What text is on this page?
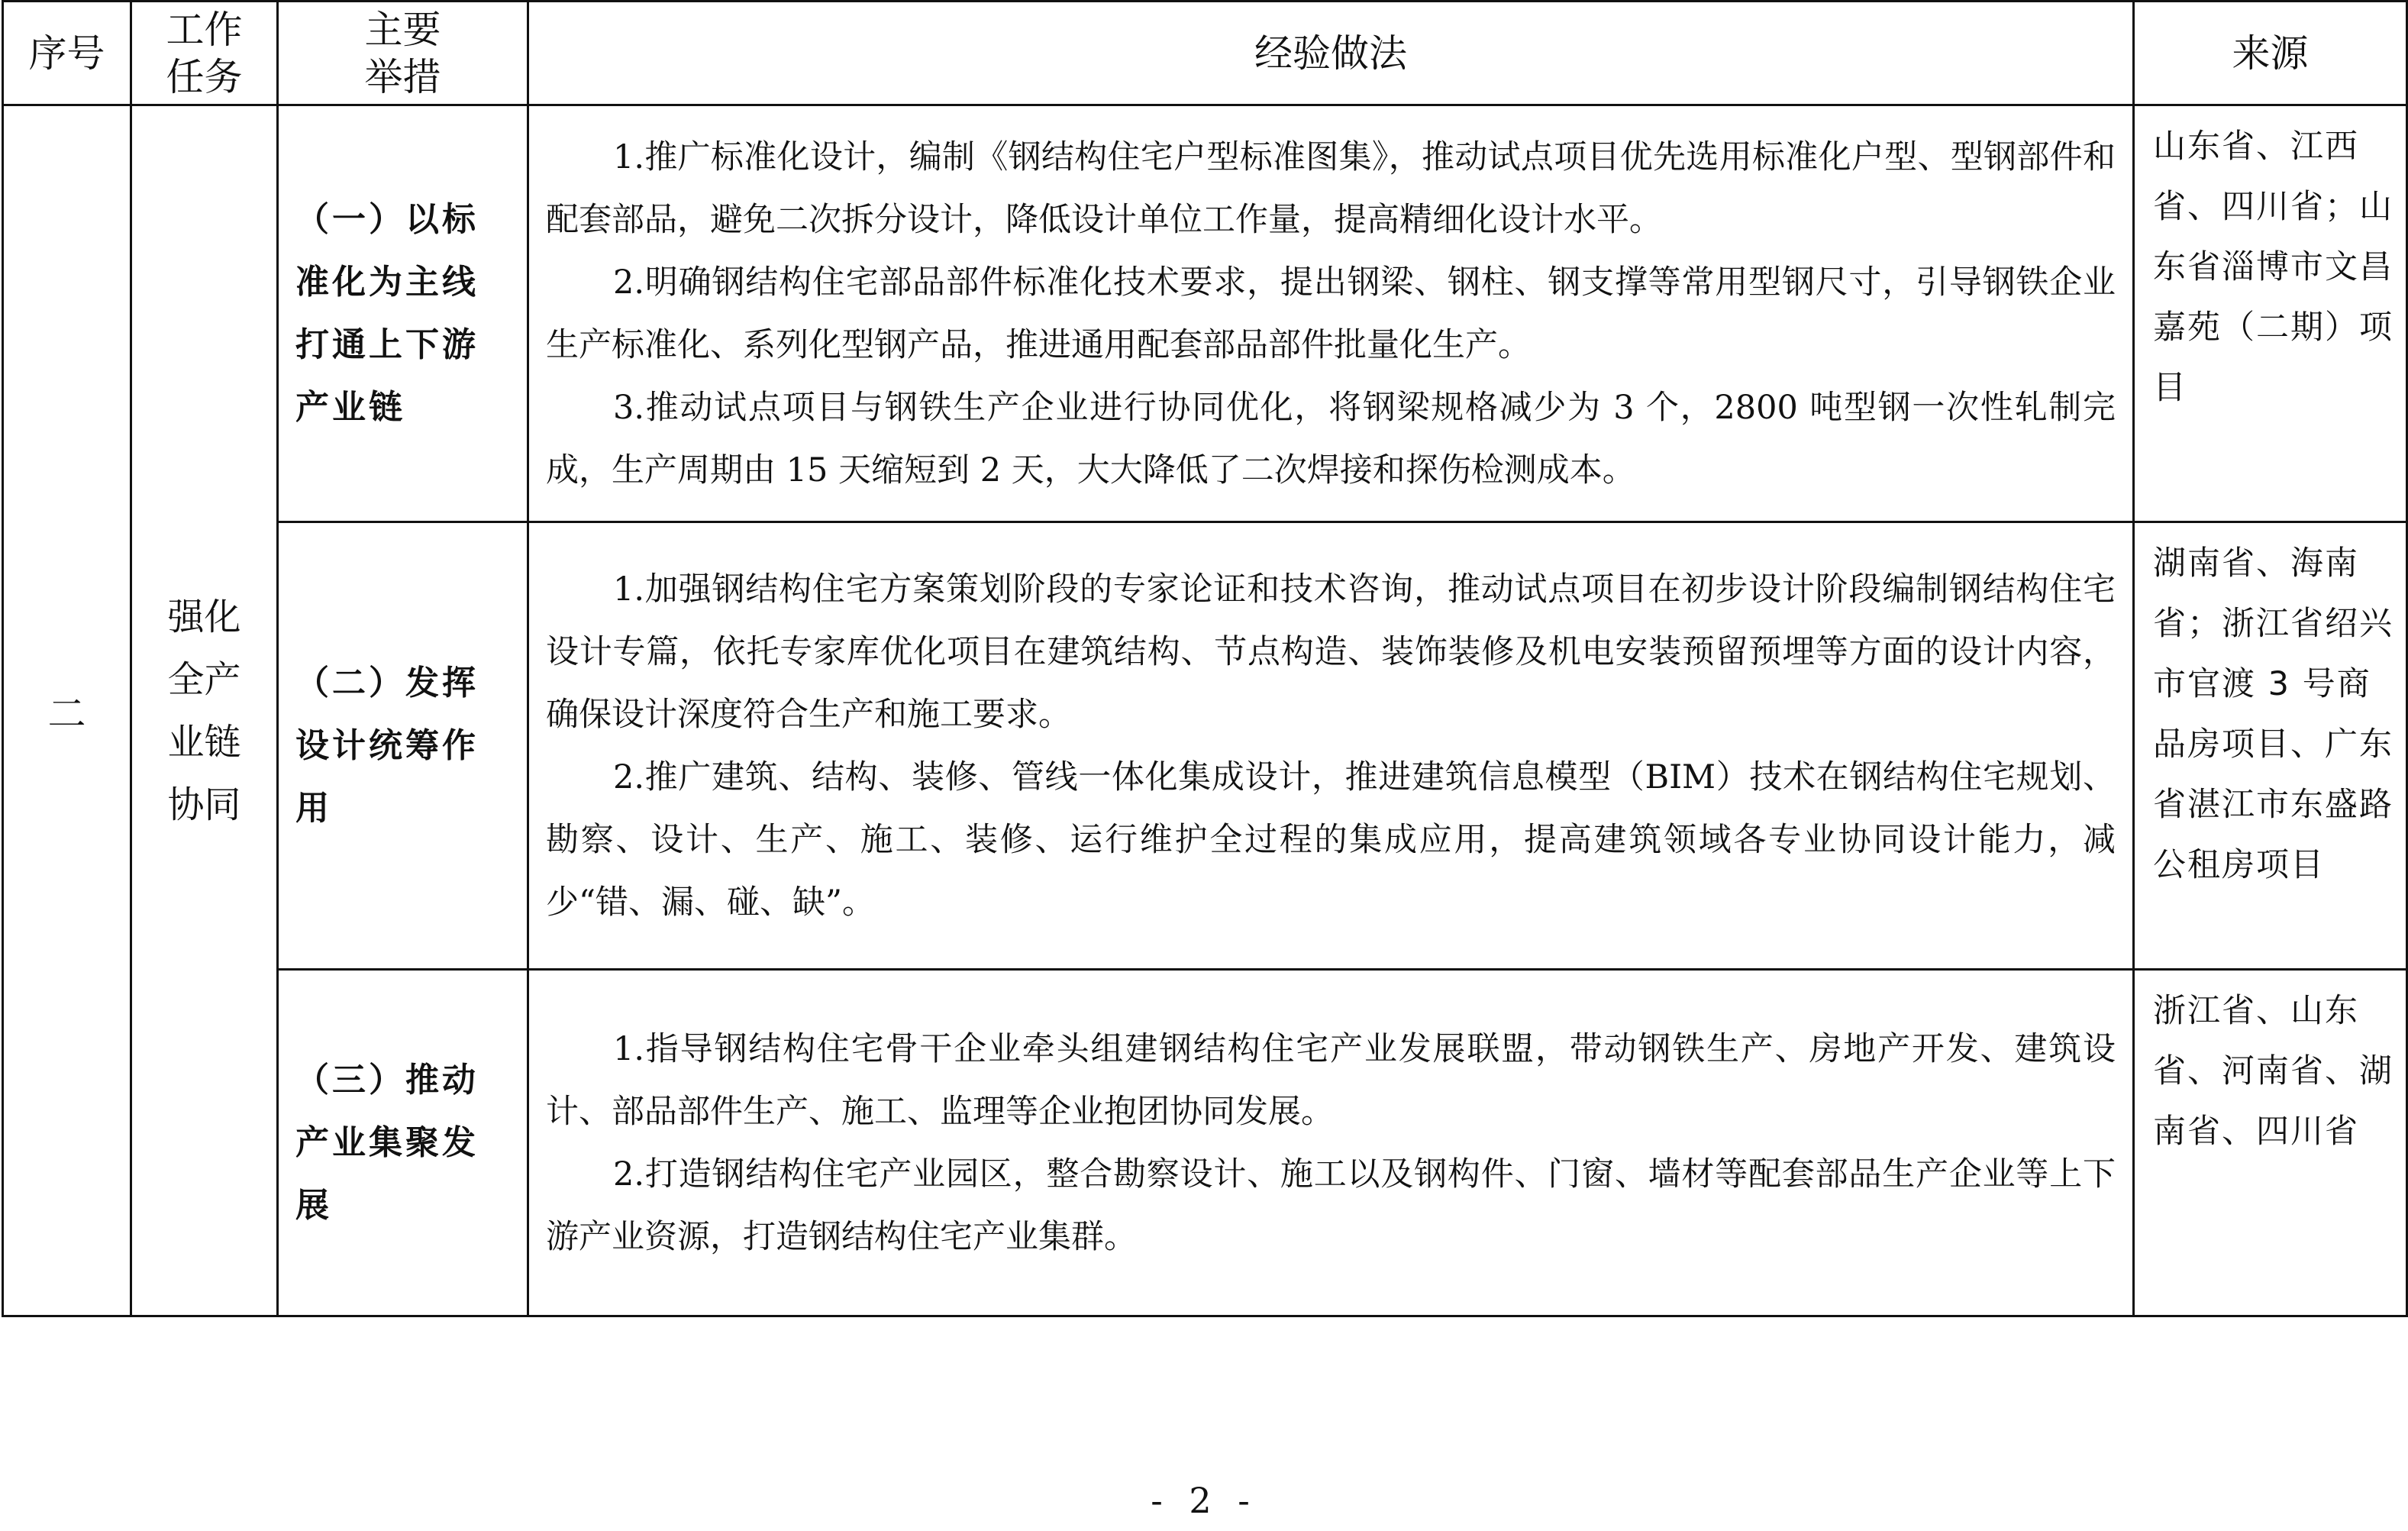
序号	工作任务	主要举措	经验做法	来源
二	强化全产业链协同	（一）以标准化为主线打通上下游产业链	1.推广标准化设计，编制《钢结构住宅户型标准图集》，推动试点项目优先选用标准化户型、型钢部件和配套部品，避免二次拆分设计，降低设计单位工作量，提高精细化设计水平。

2.明确钢结构住宅部品部件标准化技术要求，提出钢梁、钢柱、钢支撑等常用型钢尺寸，引导钢铁企业生产标准化、系列化型钢产品，推进通用配套部品部件批量化生产。

3.推动试点项目与钢铁生产企业进行协同优化，将钢梁规格减少为 3 个，2800 吨型钢一次性轧制完成，生产周期由 15 天缩短到 2 天，大大降低了二次焊接和探伤检测成本。	山东省、江西省、四川省；山东省淄博市文昌嘉苑（二期）项目

		（二）发挥设计统筹作用	1.加强钢结构住宅方案策划阶段的专家论证和技术咨询，推动试点项目在初步设计阶段编制钢结构住宅设计专篇，依托专家库优化项目在建筑结构、节点构造、装饰装修及机电安装预留预埋等方面的设计内容，确保设计深度符合生产和施工要求。

2.推广建筑、结构、装修、管线一体化集成设计，推进建筑信息模型（BIM）技术在钢结构住宅规划、勘察、设计、生产、施工、装修、运行维护全过程的集成应用，提高建筑领域各专业协同设计能力，减少“错、漏、碰、缺”。	湖南省、海南省；浙江省绍兴市官渡 3 号商品房项目、广东省湛江市东盛路公租房项目

		（三）推动产业集聚发展	1.指导钢结构住宅骨干企业牵头组建钢结构住宅产业发展联盟，带动钢铁生产、房地产开发、建筑设计、部品部件生产、施工、监理等企业抱团协同发展。

2.打造钢结构住宅产业园区，整合勘察设计、施工以及钢构件、门窗、墙材等配套部品生产企业等上下游产业资源，打造钢结构住宅产业集群。	浙江省、山东省、河南省、湖南省、四川省
- 2 -
